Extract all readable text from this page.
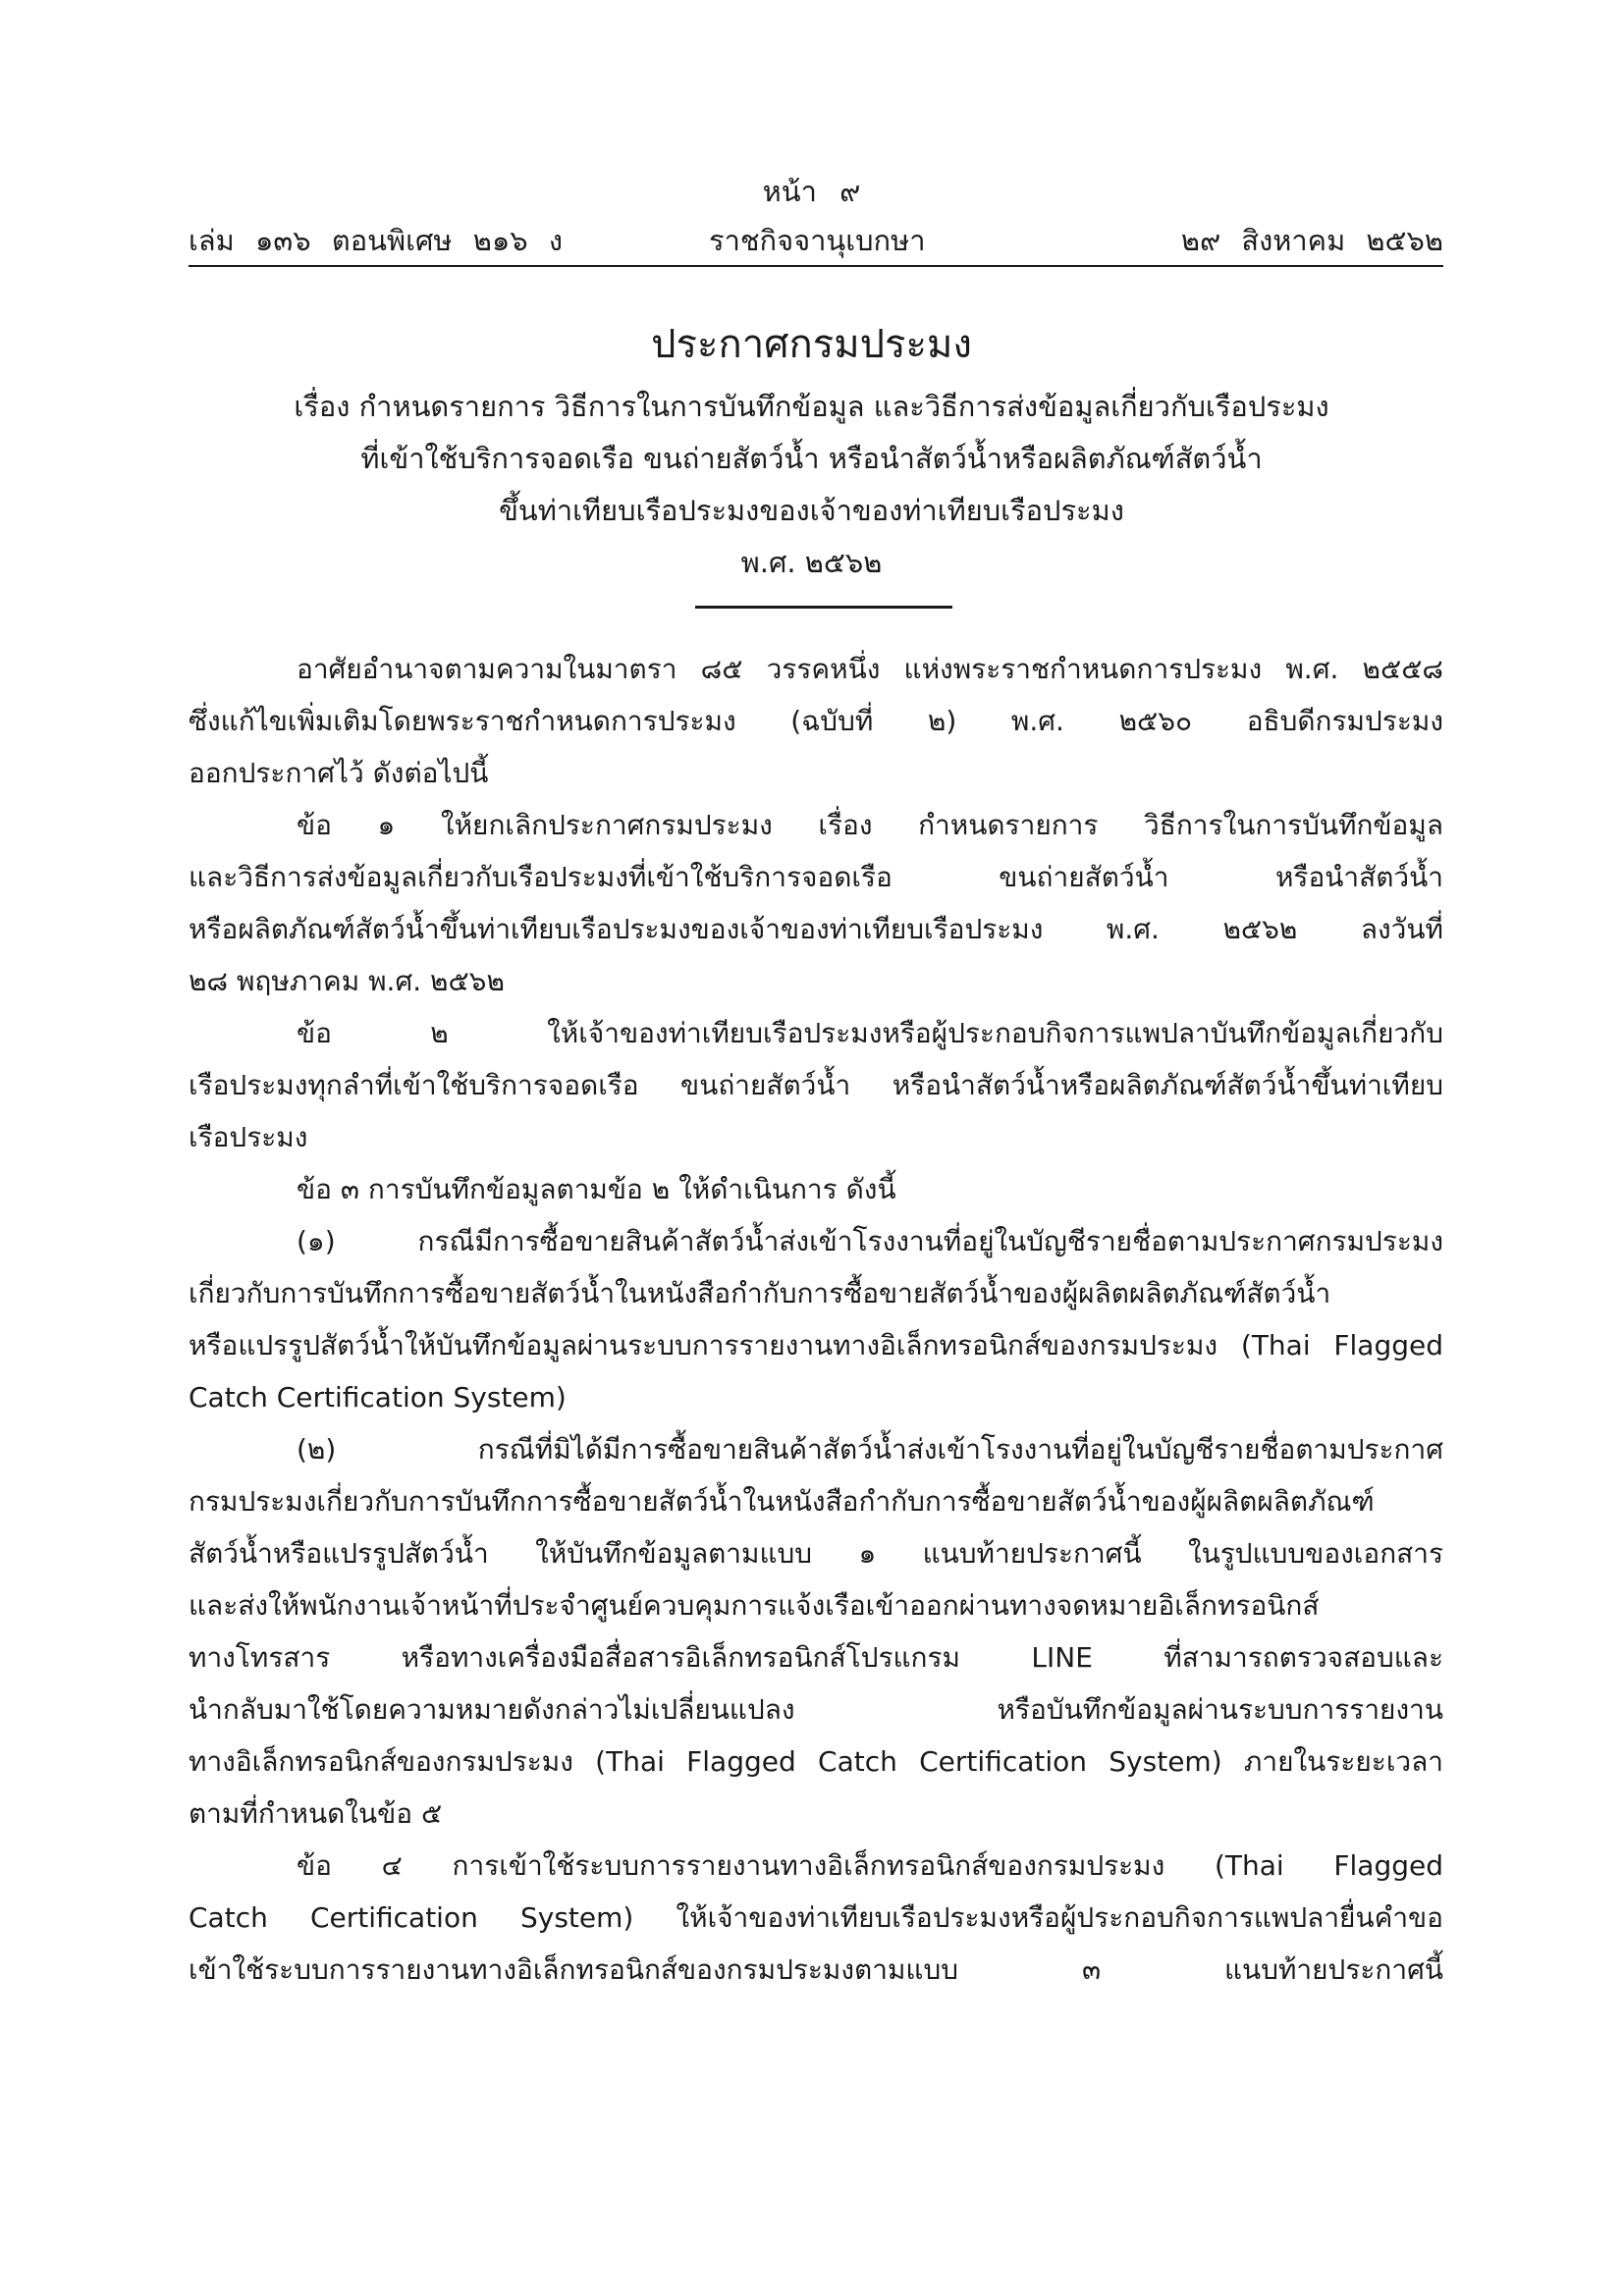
หน้า ๙
เล่ม ๑๓๖ ตอนพิเศษ ๒๑๖ ง	ราชกิจจานุเบกษา	๒๙ สิงหาคม ๒๕๖๒
ประกาศกรมประมง
เรื่อง กำหนดรายการ วิธีการในการบันทึกข้อมูล และวิธีการส่งข้อมูลเกี่ยวกับเรือประมง
ที่เข้าใช้บริการจอดเรือ ขนถ่ายสัตว์น้ำ หรือนำสัตว์น้ำหรือผลิตภัณฑ์สัตว์น้ำ
ขึ้นท่าเทียบเรือประมงของเจ้าของท่าเทียบเรือประมง
พ.ศ. ๒๕๖๒
อาศัยอำนาจตามความในมาตรา ๘๕ วรรคหนึ่ง แห่งพระราชกำหนดการประมง พ.ศ. ๒๕๕๘
ซึ่งแก้ไขเพิ่มเติมโดยพระราชกำหนดการประมง (ฉบับที่ ๒) พ.ศ. ๒๕๖๐ อธิบดีกรมประมง
ออกประกาศไว้ ดังต่อไปนี้
ข้อ ๑ ให้ยกเลิกประกาศกรมประมง เรื่อง กำหนดรายการ วิธีการในการบันทึกข้อมูล
และวิธีการส่งข้อมูลเกี่ยวกับเรือประมงที่เข้าใช้บริการจอดเรือ ขนถ่ายสัตว์น้ำ หรือนำสัตว์น้ำ
หรือผลิตภัณฑ์สัตว์น้ำขึ้นท่าเทียบเรือประมงของเจ้าของท่าเทียบเรือประมง พ.ศ. ๒๕๖๒ ลงวันที่
๒๘ พฤษภาคม พ.ศ. ๒๕๖๒
ข้อ ๒ ให้เจ้าของท่าเทียบเรือประมงหรือผู้ประกอบกิจการแพปลาบันทึกข้อมูลเกี่ยวกับ
เรือประมงทุกลำที่เข้าใช้บริการจอดเรือ ขนถ่ายสัตว์น้ำ หรือนำสัตว์น้ำหรือผลิตภัณฑ์สัตว์น้ำขึ้นท่าเทียบ
เรือประมง
ข้อ ๓ การบันทึกข้อมูลตามข้อ ๒ ให้ดำเนินการ ดังนี้
(๑) กรณีมีการซื้อขายสินค้าสัตว์น้ำส่งเข้าโรงงานที่อยู่ในบัญชีรายชื่อตามประกาศกรมประมง
เกี่ยวกับการบันทึกการซื้อขายสัตว์น้ำในหนังสือกำกับการซื้อขายสัตว์น้ำของผู้ผลิตผลิตภัณฑ์สัตว์น้ำ
หรือแปรรูปสัตว์น้ำให้บันทึกข้อมูลผ่านระบบการรายงานทางอิเล็กทรอนิกส์ของกรมประมง (Thai Flagged
Catch Certification System)
(๒) กรณีที่มิได้มีการซื้อขายสินค้าสัตว์น้ำส่งเข้าโรงงานที่อยู่ในบัญชีรายชื่อตามประกาศ
กรมประมงเกี่ยวกับการบันทึกการซื้อขายสัตว์น้ำในหนังสือกำกับการซื้อขายสัตว์น้ำของผู้ผลิตผลิตภัณฑ์
สัตว์น้ำหรือแปรรูปสัตว์น้ำ ให้บันทึกข้อมูลตามแบบ ๑ แนบท้ายประกาศนี้ ในรูปแบบของเอกสาร
และส่งให้พนักงานเจ้าหน้าที่ประจำศูนย์ควบคุมการแจ้งเรือเข้าออกผ่านทางจดหมายอิเล็กทรอนิกส์
ทางโทรสาร หรือทางเครื่องมือสื่อสารอิเล็กทรอนิกส์โปรแกรม LINE ที่สามารถตรวจสอบและ
นำกลับมาใช้โดยความหมายดังกล่าวไม่เปลี่ยนแปลง หรือบันทึกข้อมูลผ่านระบบการรายงาน
ทางอิเล็กทรอนิกส์ของกรมประมง (Thai Flagged Catch Certification System) ภายในระยะเวลา
ตามที่กำหนดในข้อ ๕
ข้อ ๔ การเข้าใช้ระบบการรายงานทางอิเล็กทรอนิกส์ของกรมประมง (Thai Flagged
Catch Certification System) ให้เจ้าของท่าเทียบเรือประมงหรือผู้ประกอบกิจการแพปลายื่นคำขอ
เข้าใช้ระบบการรายงานทางอิเล็กทรอนิกส์ของกรมประมงตามแบบ ๓ แนบท้ายประกาศนี้
